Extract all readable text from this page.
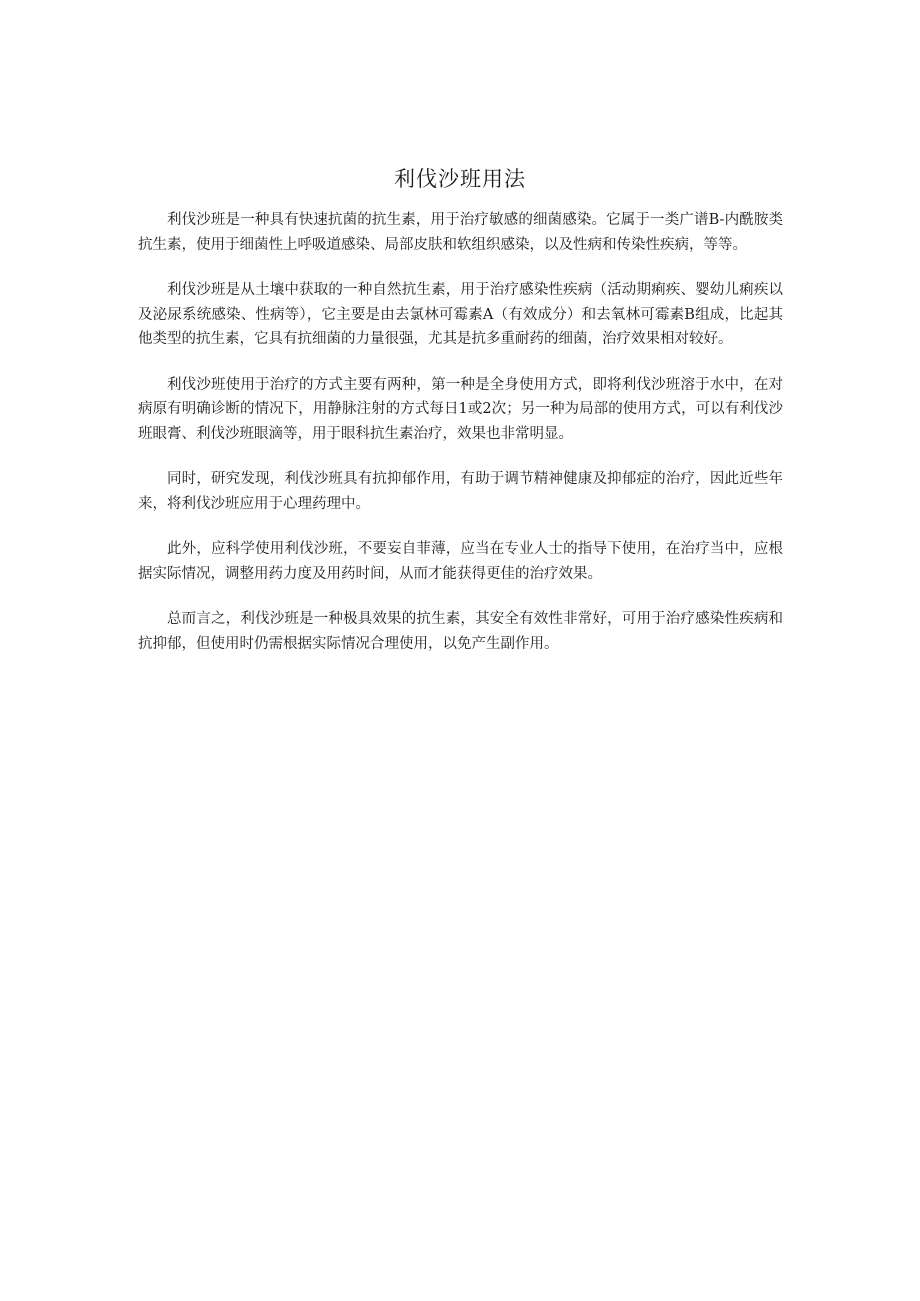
利伐沙班用法

利伐沙班是一种具有快速抗菌的抗生素，用于治疗敏感的细菌感染。它属于一类广谱B-内酰胺类抗生素，使用于细菌性上呼吸道感染、局部皮肤和软组织感染，以及性病和传染性疾病，等等。

利伐沙班是从土壤中获取的一种自然抗生素，用于治疗感染性疾病（活动期痢疾、婴幼儿痢疾以及泌尿系统感染、性病等），它主要是由去氯林可霉素A（有效成分）和去氧林可霉素B组成，比起其他类型的抗生素，它具有抗细菌的力量很强，尤其是抗多重耐药的细菌，治疗效果相对较好。

利伐沙班使用于治疗的方式主要有两种，第一种是全身使用方式，即将利伐沙班溶于水中，在对病原有明确诊断的情况下，用静脉注射的方式每日1或2次；另一种为局部的使用方式，可以有利伐沙班眼膏、利伐沙班眼滴等，用于眼科抗生素治疗，效果也非常明显。

同时，研究发现，利伐沙班具有抗抑郁作用，有助于调节精神健康及抑郁症的治疗，因此近些年来，将利伐沙班应用于心理药理中。

此外，应科学使用利伐沙班，不要妄自菲薄，应当在专业人士的指导下使用，在治疗当中，应根据实际情况，调整用药力度及用药时间，从而才能获得更佳的治疗效果。

总而言之，利伐沙班是一种极具效果的抗生素，其安全有效性非常好，可用于治疗感染性疾病和抗抑郁，但使用时仍需根据实际情况合理使用，以免产生副作用。
